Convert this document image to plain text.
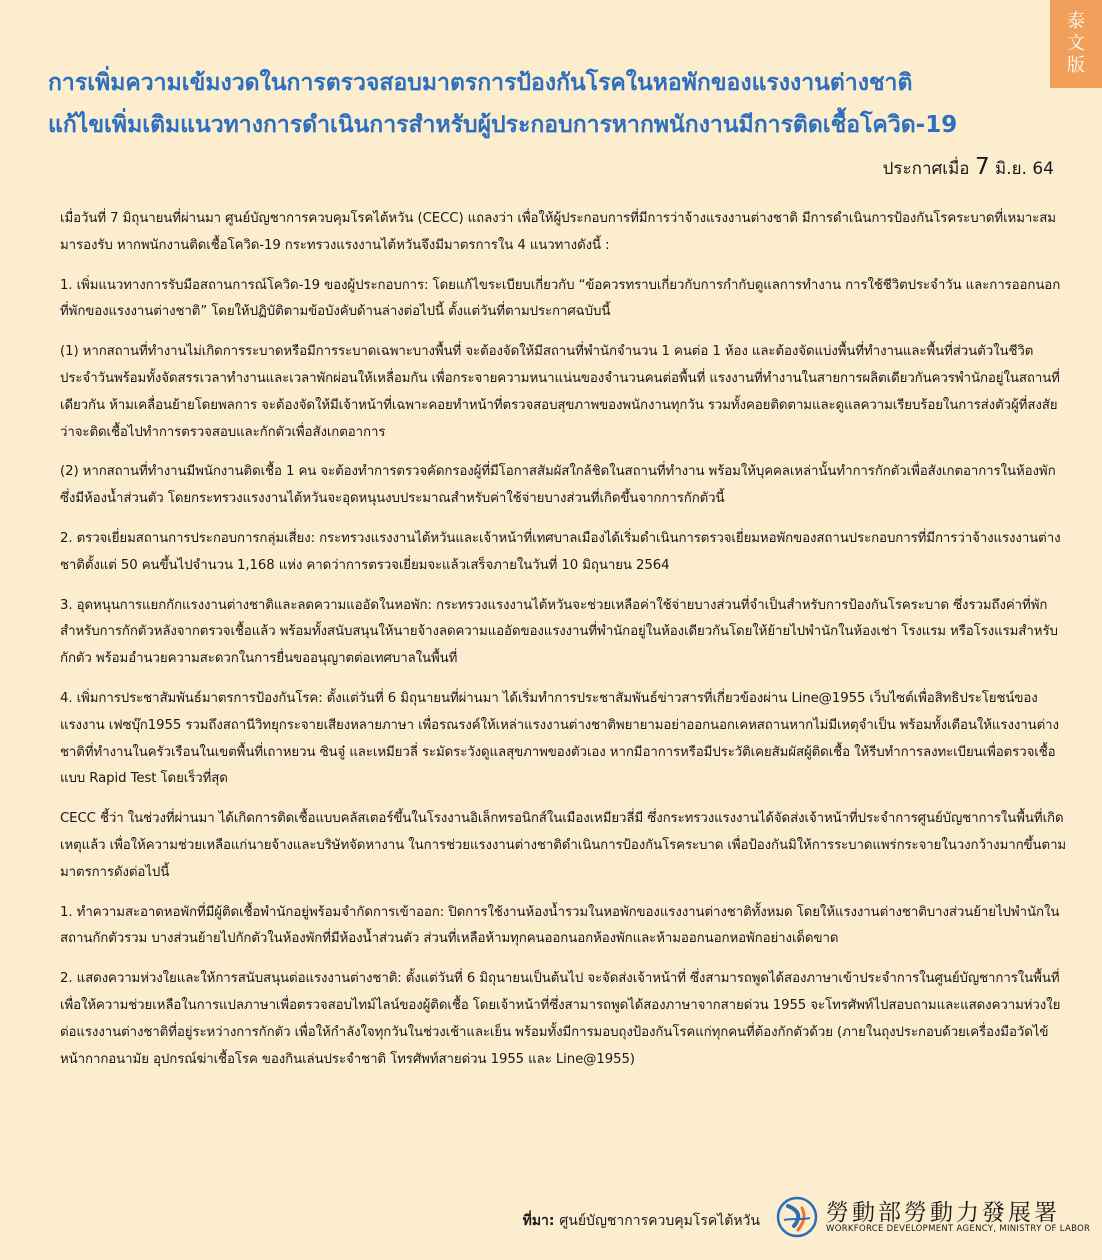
泰
文
版
การเพิ่มความเข้มงวดในการตรวจสอบมาตรการป้องกันโรคในหอพักของแรงงานต่างชาติ
แก้ไขเพิ่มเติมแนวทางการดำเนินการสำหรับผู้ประกอบการหากพนักงานมีการติดเชื้อโควิด-19
ประกาศเมื่อ 7 มิ.ย. 64

เมื่อวันที่ 7 มิถุนายนที่ผ่านมา ศูนย์บัญชาการควบคุมโรคไต้หวัน (CECC) แถลงว่า เพื่อให้ผู้ประกอบการที่มีการว่าจ้างแรงงานต่างชาติ มีการดำเนินการป้องกันโรคระบาดที่เหมาะสมมารองรับ หากพนักงานติดเชื้อโควิด-19 กระทรวงแรงงานไต้หวันจึงมีมาตรการใน 4 แนวทางดังนี้ :

1. เพิ่มแนวทางการรับมือสถานการณ์โควิด-19 ของผู้ประกอบการ: โดยแก้ไขระเบียบเกี่ยวกับ “ข้อควรทราบเกี่ยวกับการกำกับดูแลการทำงาน การใช้ชีวิตประจำวัน และการออกนอกที่พักของแรงงานต่างชาติ” โดยให้ปฏิบัติตามข้อบังคับด้านล่างต่อไปนี้ ตั้งแต่วันที่ตามประกาศฉบับนี้

(1) หากสถานที่ทำงานไม่เกิดการระบาดหรือมีการระบาดเฉพาะบางพื้นที่ จะต้องจัดให้มีสถานที่พำนักจำนวน 1 คนต่อ 1 ห้อง และต้องจัดแบ่งพื้นที่ทำงานและพื้นที่ส่วนตัวในชีวิตประจำวันพร้อมทั้งจัดสรรเวลาทำงานและเวลาพักผ่อนให้เหลื่อมกัน เพื่อกระจายความหนาแน่นของจำนวนคนต่อพื้นที่ แรงงานที่ทำงานในสายการผลิตเดียวกันควรพำนักอยู่ในสถานที่เดียวกัน ห้ามเคลื่อนย้ายโดยพลการ จะต้องจัดให้มีเจ้าหน้าที่เฉพาะคอยทำหน้าที่ตรวจสอบสุขภาพของพนักงานทุกวัน รวมทั้งคอยติดตามและดูแลความเรียบร้อยในการส่งตัวผู้ที่สงสัยว่าจะติดเชื้อไปทำการตรวจสอบและกักตัวเพื่อสังเกตอาการ

(2) หากสถานที่ทำงานมีพนักงานติดเชื้อ 1 คน จะต้องทำการตรวจคัดกรองผู้ที่มีโอกาสสัมผัสใกล้ชิดในสถานที่ทำงาน พร้อมให้บุคคลเหล่านั้นทำการกักตัวเพื่อสังเกตอาการในห้องพักซึ่งมีห้องน้ำส่วนตัว โดยกระทรวงแรงงานไต้หวันจะอุดหนุนงบประมาณสำหรับค่าใช้จ่ายบางส่วนที่เกิดขึ้นจากการกักตัวนี้

2. ตรวจเยี่ยมสถานการประกอบการกลุ่มเสี่ยง: กระทรวงแรงงานไต้หวันและเจ้าหน้าที่เทศบาลเมืองได้เริ่มดำเนินการตรวจเยี่ยมหอพักของสถานประกอบการที่มีการว่าจ้างแรงงานต่างชาติตั้งแต่ 50 คนขึ้นไปจำนวน 1,168 แห่ง คาดว่าการตรวจเยี่ยมจะแล้วเสร็จภายในวันที่ 10 มิถุนายน 2564

3. อุดหนุนการแยกกักแรงงานต่างชาติและลดความแออัดในหอพัก: กระทรวงแรงงานไต้หวันจะช่วยเหลือค่าใช้จ่ายบางส่วนที่จำเป็นสำหรับการป้องกันโรคระบาด ซึ่งรวมถึงค่าที่พักสำหรับการกักตัวหลังจากตรวจเชื้อแล้ว พร้อมทั้งสนับสนุนให้นายจ้างลดความแออัดของแรงงานที่พำนักอยู่ในห้องเดียวกันโดยให้ย้ายไปพำนักในห้องเช่า โรงแรม หรือโรงแรมสำหรับกักตัว พร้อมอำนวยความสะดวกในการยื่นขออนุญาตต่อเทศบาลในพื้นที่

4. เพิ่มการประชาสัมพันธ์มาตรการป้องกันโรค: ตั้งแต่วันที่ 6 มิถุนายนที่ผ่านมา ได้เริ่มทำการประชาสัมพันธ์ข่าวสารที่เกี่ยวข้องผ่าน Line@1955 เว็บไซต์เพื่อสิทธิประโยชน์ของแรงงาน เฟซบุ๊ก1955 รวมถึงสถานีวิทยุกระจายเสียงหลายภาษา เพื่อรณรงค์ให้เหล่าแรงงานต่างชาติพยายามอย่าออกนอกเคหสถานหากไม่มีเหตุจำเป็น พร้อมทั้งเตือนให้แรงงานต่างชาติที่ทำงานในครัวเรือนในเขตพื้นที่เถาหยวน ซินจู๋ และเหมียวลี่ ระมัดระวังดูแลสุขภาพของตัวเอง หากมีอาการหรือมีประวัติเคยสัมผัสผู้ติดเชื้อ ให้รีบทำการลงทะเบียนเพื่อตรวจเชื้อแบบ Rapid Test โดยเร็วที่สุด

CECC ชี้ว่า ในช่วงที่ผ่านมา ได้เกิดการติดเชื้อแบบคลัสเตอร์ขึ้นในโรงงานอิเล็กทรอนิกส์ในเมืองเหมียวลี่มี ซึ่งกระทรวงแรงงานได้จัดส่งเจ้าหน้าที่ประจำการศูนย์บัญชาการในพื้นที่เกิดเหตุแล้ว เพื่อให้ความช่วยเหลือแก่นายจ้างและบริษัทจัดหางาน ในการช่วยแรงงานต่างชาติดำเนินการป้องกันโรคระบาด เพื่อป้องกันมิให้การระบาดแพร่กระจายในวงกว้างมากขึ้นตามมาตรการดังต่อไปนี้

1. ทำความสะอาดหอพักที่มีผู้ติดเชื้อพำนักอยู่พร้อมจำกัดการเข้าออก: ปิดการใช้งานห้องน้ำรวมในหอพักของแรงงานต่างชาติทั้งหมด โดยให้แรงงานต่างชาติบางส่วนย้ายไปพำนักในสถานกักตัวรวม บางส่วนย้ายไปกักตัวในห้องพักที่มีห้องน้ำส่วนตัว ส่วนที่เหลือห้ามทุกคนออกนอกห้องพักและห้ามออกนอกหอพักอย่างเด็ดขาด

2. แสดงความห่วงใยและให้การสนับสนุนต่อแรงงานต่างชาติ: ตั้งแต่วันที่ 6 มิถุนายนเป็นต้นไป จะจัดส่งเจ้าหน้าที่ ซึ่งสามารถพูดได้สองภาษาเข้าประจำการในศูนย์บัญชาการในพื้นที่ เพื่อให้ความช่วยเหลือในการแปลภาษาเพื่อตรวจสอบไทม์ไลน์ของผู้ติดเชื้อ โดยเจ้าหน้าที่ซึ่งสามารถพูดได้สองภาษาจากสายด่วน 1955 จะโทรศัพท์ไปสอบถามและแสดงความห่วงใยต่อแรงงานต่างชาติที่อยู่ระหว่างการกักตัว เพื่อให้กำลังใจทุกวันในช่วงเช้าและเย็น พร้อมทั้งมีการมอบถุงป้องกันโรคแก่ทุกคนที่ต้องกักตัวด้วย (ภายในถุงประกอบด้วยเครื่องมือวัดไข้ หน้ากากอนามัย อุปกรณ์ฆ่าเชื้อโรค ของกินเล่นประจำชาติ โทรศัพท์สายด่วน 1955 และ Line@1955)

ที่มา: ศูนย์บัญชาการควบคุมโรคไต้หวัน	勞動部勞動力發展署
WORKFORCE DEVELOPMENT AGENCY, MINISTRY OF LABOR
